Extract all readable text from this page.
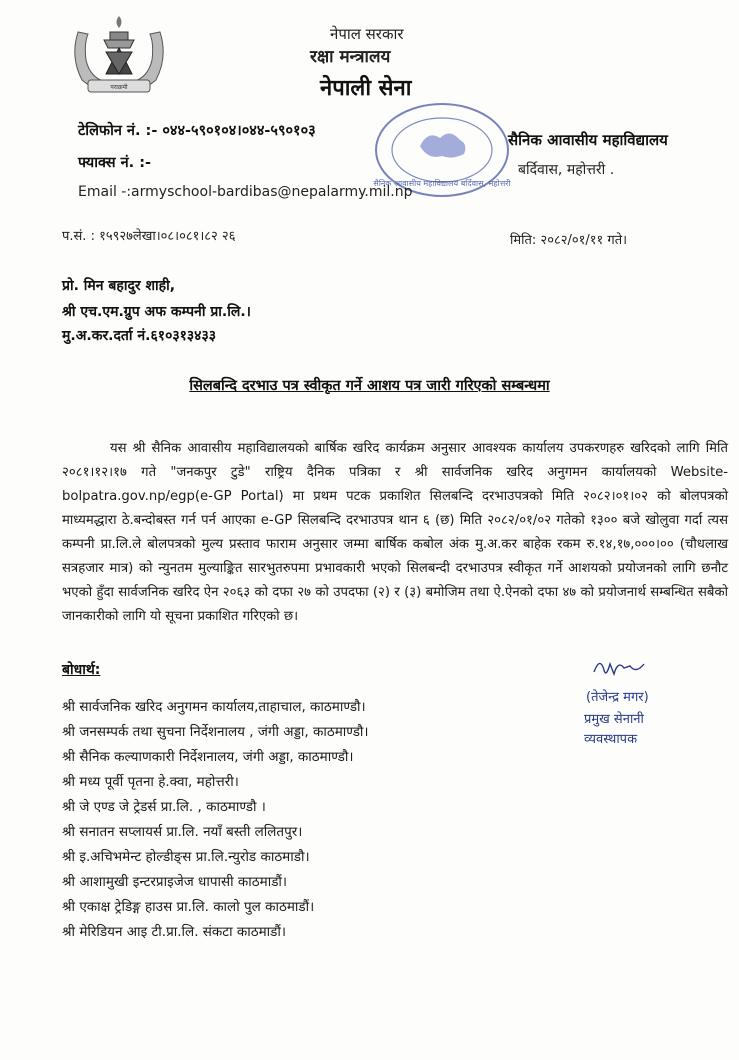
पराक्रमी
नेपाल सरकार
रक्षा मन्त्रालय
नेपाली सेना
सैनिक आवासीय महाविद्यालय बर्दिवास, महोत्तरी
टेलिफोन नं. :- ०४४-५९०१०४।०४४-५९०१०३
फ्याक्स नं. :-
Email -:armyschool-bardibas@nepalarmy.mil.np
सैनिक आवासीय महाविद्यालय
बर्दिवास, महोत्तरी .
प.सं. : १५९२७लेखा।०८।०८१।८२ २६	मिति: २०८२/०१/११ गते।
प्रो. मिन बहादुर शाही,
श्री एच.एम.ग्रुप अफ कम्पनी प्रा.लि.।
मु.अ.कर.दर्ता नं.६१०३१३४३३
सिलबन्दि दरभाउ पत्र स्वीकृत गर्ने आशय पत्र जारी गरिएको सम्बन्धमा
यस श्री सैनिक आवासीय महाविद्यालयको बार्षिक खरिद कार्यक्रम अनुसार आवश्यक कार्यालय उपकरणहरु खरिदको लागि मिति २०८१।१२।१७ गते "जनकपुर टुडे" राष्ट्रिय दैनिक पत्रिका र श्री सार्वजनिक खरिद अनुगमन कार्यालयको Website-bolpatra.gov.np/egp(e-GP Portal) मा प्रथम पटक प्रकाशित सिलबन्दि दरभाउपत्रको मिति २०८२।०१।०२ को बोलपत्रको माध्यमद्धारा ठे.बन्दोबस्त गर्न पर्न आएका e-GP सिलबन्दि दरभाउपत्र थान ६ (छ) मिति २०८२/०१/०२ गतेको १३०० बजे खोलुवा गर्दा त्यस कम्पनी प्रा.लि.ले बोलपत्रको मुल्य प्रस्ताव फाराम अनुसार जम्मा बार्षिक कबोल अंक मु.अ.कर बाहेक रकम रु.१४,१७,०००।०० (चौधलाख सत्रहजार मात्र) को न्युनतम मुल्याङ्कित सारभुतरुपमा प्रभावकारी भएको सिलबन्दी दरभाउपत्र स्वीकृत गर्ने आशयको प्रयोजनको लागि छनौट भएको हुँदा सार्वजनिक खरिद ऐन २०६३ को दफा २७ को उपदफा (२) र (३) बमोजिम तथा ऐ.ऐनको दफा ४७ को प्रयोजनार्थ सम्बन्धित सबैको जानकारीको लागि यो सूचना प्रकाशित गरिएको छ।
(तेजेन्द्र मगर)
प्रमुख सेनानी
व्यवस्थापक
बोधार्थ:
श्री सार्वजनिक खरिद अनुगमन कार्यालय,ताहाचाल, काठमाण्डौ।
श्री जनसम्पर्क तथा सुचना निर्देशनालय , जंगी अड्डा, काठमाण्डौ।
श्री सैनिक कल्याणकारी निर्देशनालय, जंगी अड्डा, काठमाण्डौ।
श्री मध्य पूर्वी पृतना हे.क्वा, महोत्तरी।
श्री जे एण्ड जे ट्रेडर्स प्रा.लि. , काठमाण्डौ ।
श्री सनातन सप्लायर्स प्रा.लि. नयाँ बस्ती ललितपुर।
श्री इ.अचिभमेन्ट होल्डीङ्स प्रा.लि.न्युरोड काठमाडौ।
श्री आशामुखी इन्टरप्राइजेज धापासी काठमाडौं।
श्री एकाक्ष ट्रेडिङ्ग हाउस प्रा.लि. कालो पुल काठमाडौं।
श्री मेरिडियन आइ टी.प्रा.लि. संकटा काठमाडौं।
